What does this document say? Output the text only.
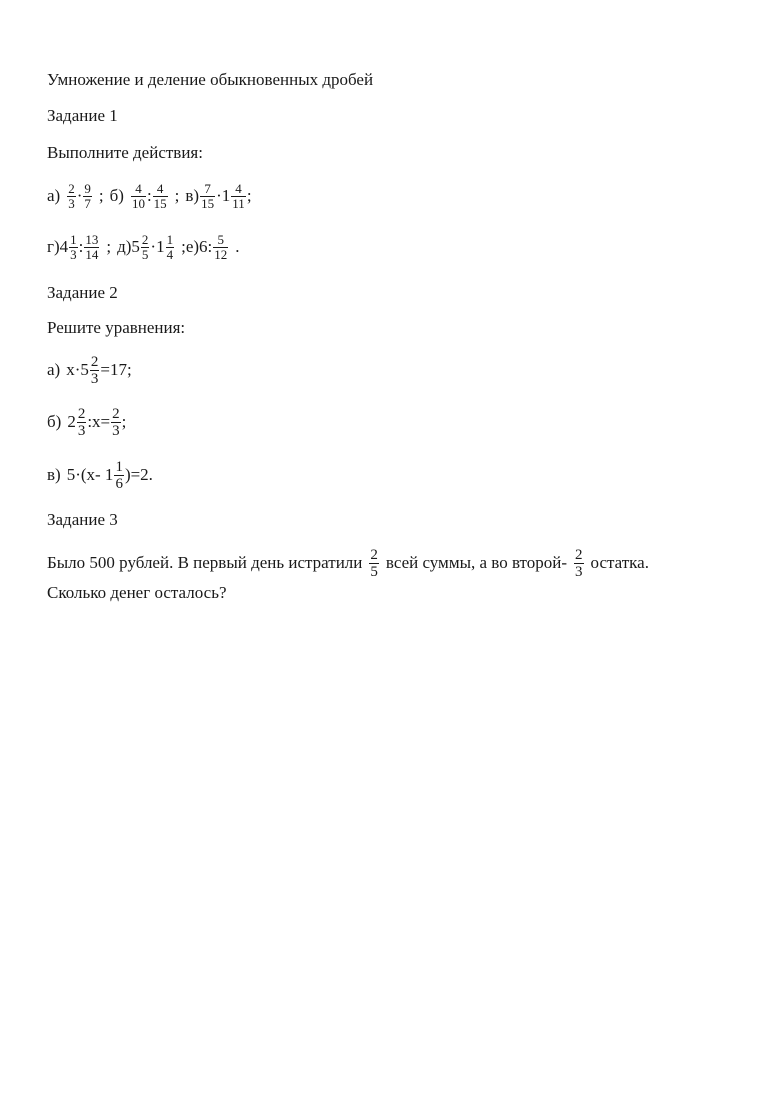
Умножение и деление обыкновенных дробей
Задание 1
Выполните действия:
$а) \frac{2}{3} \cdot \frac{9}{7}$ ; $б) \frac{4}{10}$ : $\frac{4}{15}$ ; $в) \frac{7}{15} \cdot 1 \frac{4}{11}$ ;
г) $4 \frac{1}{3}$ : $\frac{13}{14}$ ; д) $5 \frac{2}{5} \cdot 1 \frac{1}{4}$ ;е) 6 : $\frac{5}{12}$ .
Задание 2
Решите уравнения:
а) $x\cdot 5 \frac{2}{3} =17$;
б) $2 \frac{2}{3}$ :x= $\frac{2}{3}$ ;
в) 5·(x- $1 \frac{1}{6} )=2$.
Задание 3
Было 500 рублей. В первый день истратили $\frac{2}{5}$ всей суммы, а во второй- $\frac{2}{3}$ остатка.
Сколько денег осталось?
